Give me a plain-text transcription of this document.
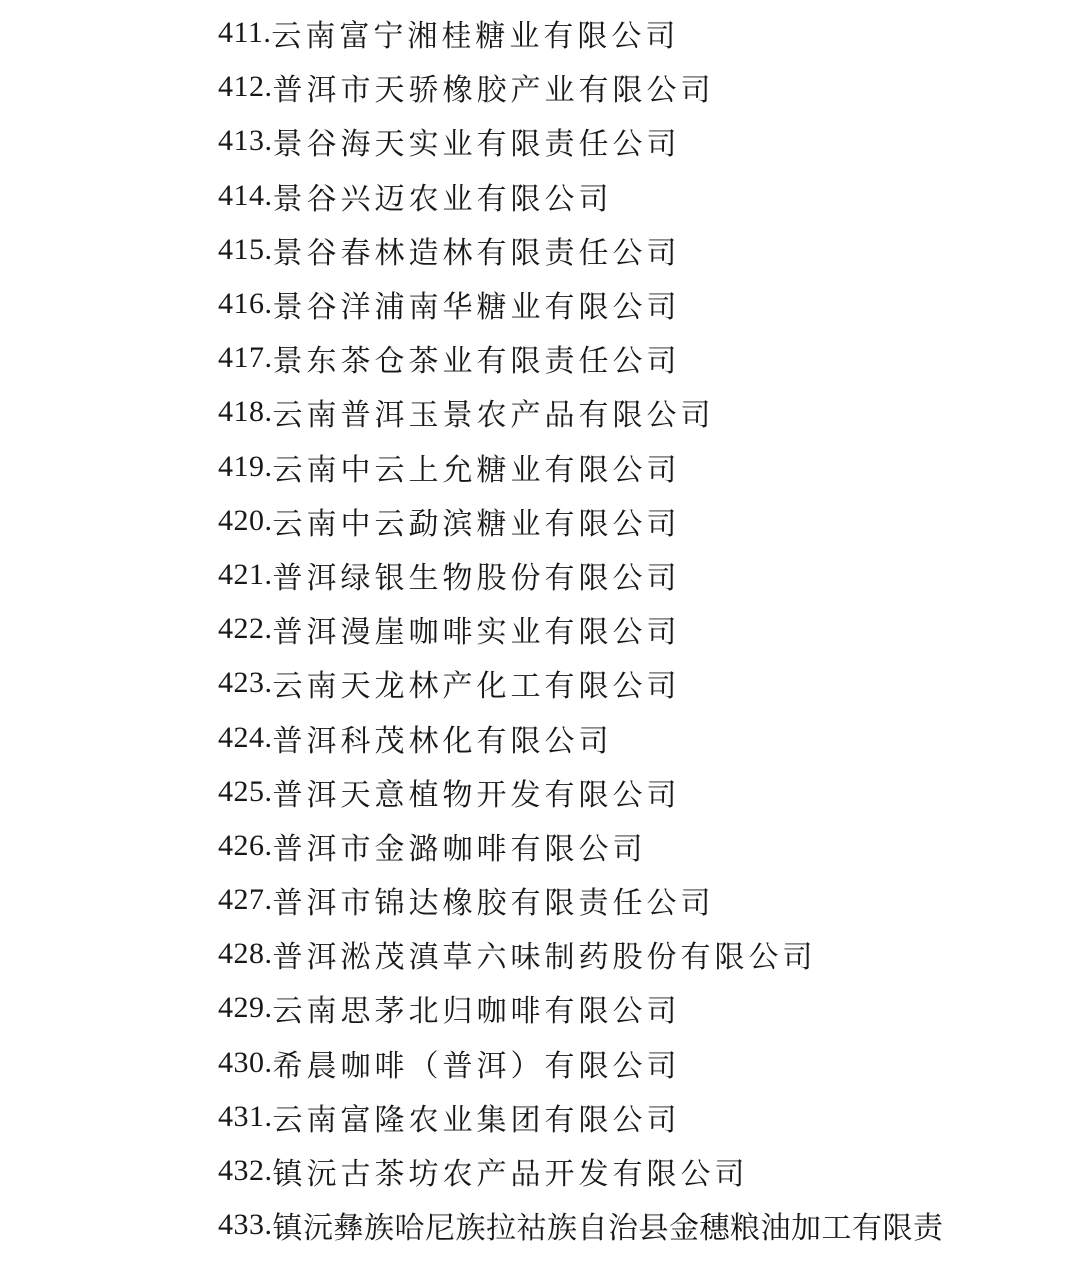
411. 云南富宁湘桂糖业有限公司
412. 普洱市天骄橡胶产业有限公司
413. 景谷海天实业有限责任公司
414. 景谷兴迈农业有限公司
415. 景谷春林造林有限责任公司
416. 景谷洋浦南华糖业有限公司
417. 景东茶仓茶业有限责任公司
418. 云南普洱玉景农产品有限公司
419. 云南中云上允糖业有限公司
420. 云南中云勐滨糖业有限公司
421. 普洱绿银生物股份有限公司
422. 普洱漫崖咖啡实业有限公司
423. 云南天龙林产化工有限公司
424. 普洱科茂林化有限公司
425. 普洱天意植物开发有限公司
426. 普洱市金潞咖啡有限公司
427. 普洱市锦达橡胶有限责任公司
428. 普洱淞茂滇草六味制药股份有限公司
429. 云南思茅北归咖啡有限公司
430. 希晨咖啡（普洱）有限公司
431. 云南富隆农业集团有限公司
432. 镇沅古茶坊农产品开发有限公司
433. 镇沅彝族哈尼族拉祜族自治县金穗粮油加工有限责
